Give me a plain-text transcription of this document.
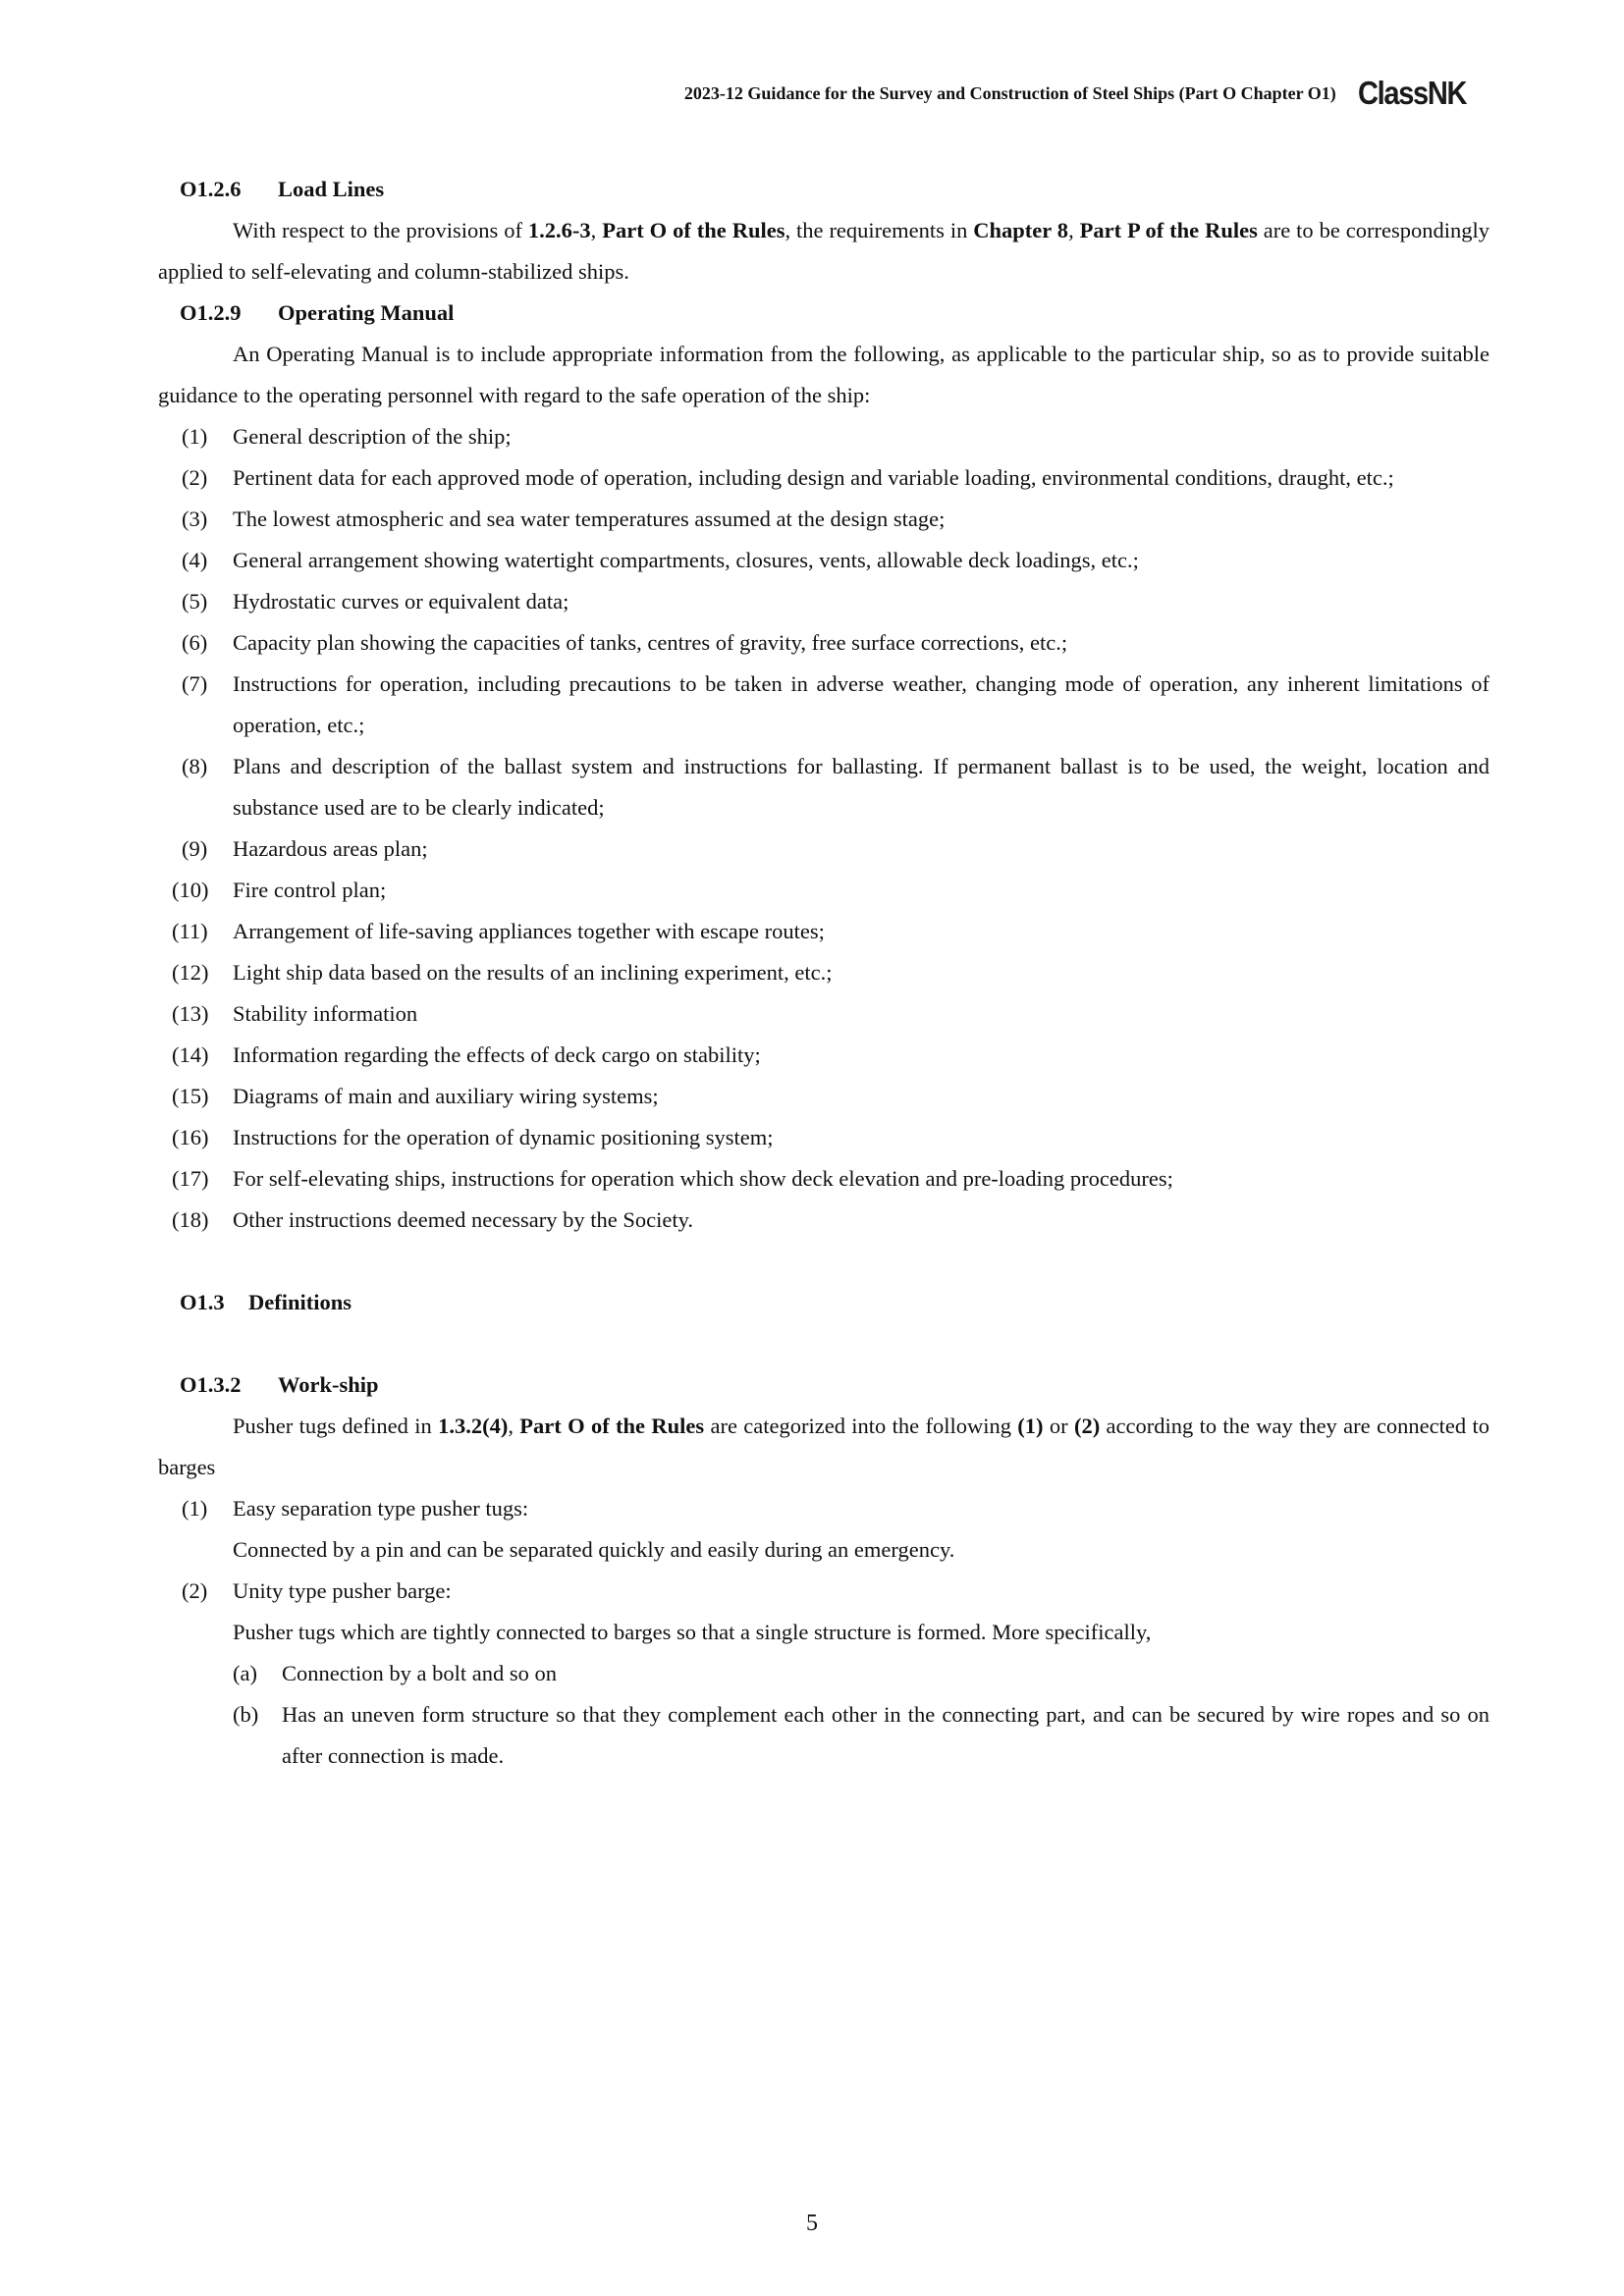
2023-12 Guidance for the Survey and Construction of Steel Ships (Part O Chapter O1) ClassNK
O1.2.6 Load Lines
With respect to the provisions of 1.2.6-3, Part O of the Rules, the requirements in Chapter 8, Part P of the Rules are to be correspondingly applied to self-elevating and column-stabilized ships.
O1.2.9 Operating Manual
An Operating Manual is to include appropriate information from the following, as applicable to the particular ship, so as to provide suitable guidance to the operating personnel with regard to the safe operation of the ship:
(1) General description of the ship;
(2) Pertinent data for each approved mode of operation, including design and variable loading, environmental conditions, draught, etc.;
(3) The lowest atmospheric and sea water temperatures assumed at the design stage;
(4) General arrangement showing watertight compartments, closures, vents, allowable deck loadings, etc.;
(5) Hydrostatic curves or equivalent data;
(6) Capacity plan showing the capacities of tanks, centres of gravity, free surface corrections, etc.;
(7) Instructions for operation, including precautions to be taken in adverse weather, changing mode of operation, any inherent limitations of operation, etc.;
(8) Plans and description of the ballast system and instructions for ballasting. If permanent ballast is to be used, the weight, location and substance used are to be clearly indicated;
(9) Hazardous areas plan;
(10) Fire control plan;
(11) Arrangement of life-saving appliances together with escape routes;
(12) Light ship data based on the results of an inclining experiment, etc.;
(13) Stability information
(14) Information regarding the effects of deck cargo on stability;
(15) Diagrams of main and auxiliary wiring systems;
(16) Instructions for the operation of dynamic positioning system;
(17) For self-elevating ships, instructions for operation which show deck elevation and pre-loading procedures;
(18) Other instructions deemed necessary by the Society.
O1.3 Definitions
O1.3.2 Work-ship
Pusher tugs defined in 1.3.2(4), Part O of the Rules are categorized into the following (1) or (2) according to the way they are connected to barges
(1) Easy separation type pusher tugs:
Connected by a pin and can be separated quickly and easily during an emergency.
(2) Unity type pusher barge:
Pusher tugs which are tightly connected to barges so that a single structure is formed. More specifically,
(a) Connection by a bolt and so on
(b) Has an uneven form structure so that they complement each other in the connecting part, and can be secured by wire ropes and so on after connection is made.
5
